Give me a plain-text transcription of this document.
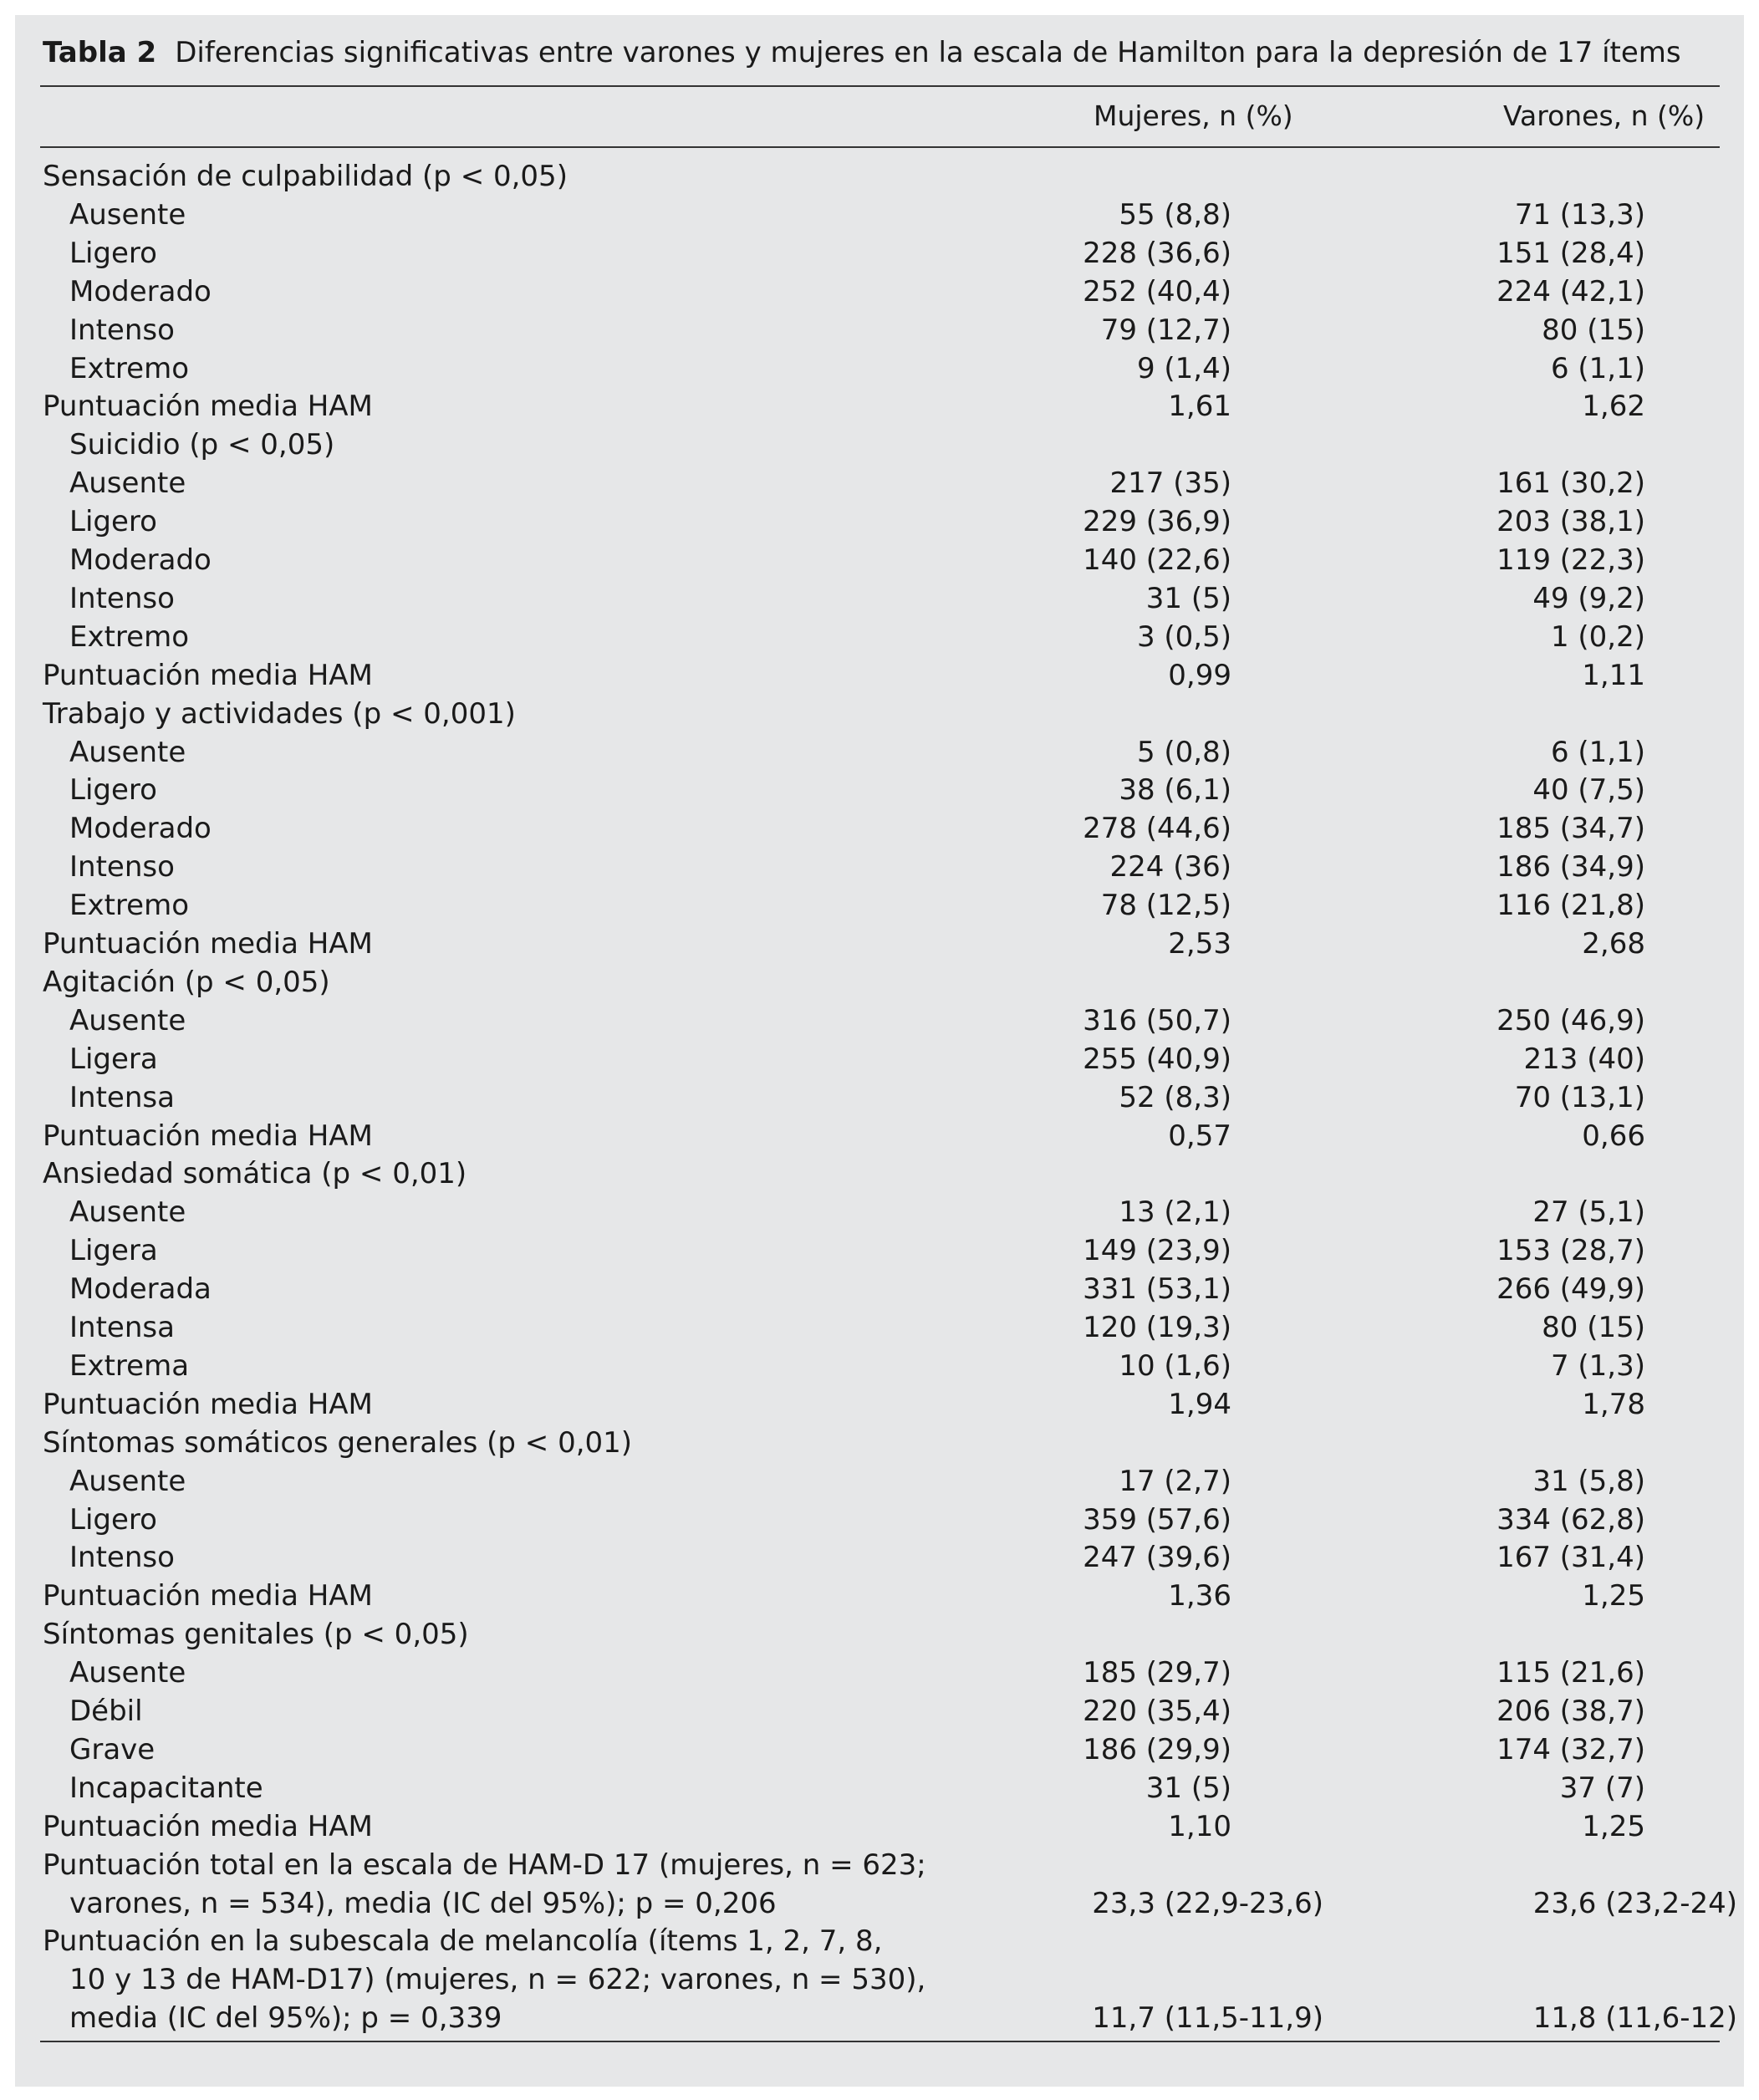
Tabla 2 Diferencias significativas entre varones y mujeres en la escala de Hamilton para la depresión de 17 ítems
Mujeres, n (%)	Varones, n (%)
Sensación de culpabilidad (p < 0,05)
Ausente	55 (8,8)	71 (13,3)
Ligero	228 (36,6)	151 (28,4)
Moderado	252 (40,4)	224 (42,1)
Intenso	79 (12,7)	80 (15)
Extremo	9 (1,4)	6 (1,1)
Puntuación media HAM	1,61	1,62
Suicidio (p < 0,05)
Ausente	217 (35)	161 (30,2)
Ligero	229 (36,9)	203 (38,1)
Moderado	140 (22,6)	119 (22,3)
Intenso	31 (5)	49 (9,2)
Extremo	3 (0,5)	1 (0,2)
Puntuación media HAM	0,99	1,11
Trabajo y actividades (p < 0,001)
Ausente	5 (0,8)	6 (1,1)
Ligero	38 (6,1)	40 (7,5)
Moderado	278 (44,6)	185 (34,7)
Intenso	224 (36)	186 (34,9)
Extremo	78 (12,5)	116 (21,8)
Puntuación media HAM	2,53	2,68
Agitación (p < 0,05)
Ausente	316 (50,7)	250 (46,9)
Ligera	255 (40,9)	213 (40)
Intensa	52 (8,3)	70 (13,1)
Puntuación media HAM	0,57	0,66
Ansiedad somática (p < 0,01)
Ausente	13 (2,1)	27 (5,1)
Ligera	149 (23,9)	153 (28,7)
Moderada	331 (53,1)	266 (49,9)
Intensa	120 (19,3)	80 (15)
Extrema	10 (1,6)	7 (1,3)
Puntuación media HAM	1,94	1,78
Síntomas somáticos generales (p < 0,01)
Ausente	17 (2,7)	31 (5,8)
Ligero	359 (57,6)	334 (62,8)
Intenso	247 (39,6)	167 (31,4)
Puntuación media HAM	1,36	1,25
Síntomas genitales (p < 0,05)
Ausente	185 (29,7)	115 (21,6)
Débil	220 (35,4)	206 (38,7)
Grave	186 (29,9)	174 (32,7)
Incapacitante	31 (5)	37 (7)
Puntuación media HAM	1,10	1,25
Puntuación total en la escala de HAM-D 17 (mujeres, n = 623;
varones, n = 534), media (IC del 95%); p = 0,206	23,3 (22,9-23,6)	23,6 (23,2-24)
Puntuación en la subescala de melancolía (ítems 1, 2, 7, 8,
10 y 13 de HAM-D17) (mujeres, n = 622; varones, n = 530),
media (IC del 95%); p = 0,339	11,7 (11,5-11,9)	11,8 (11,6-12)
